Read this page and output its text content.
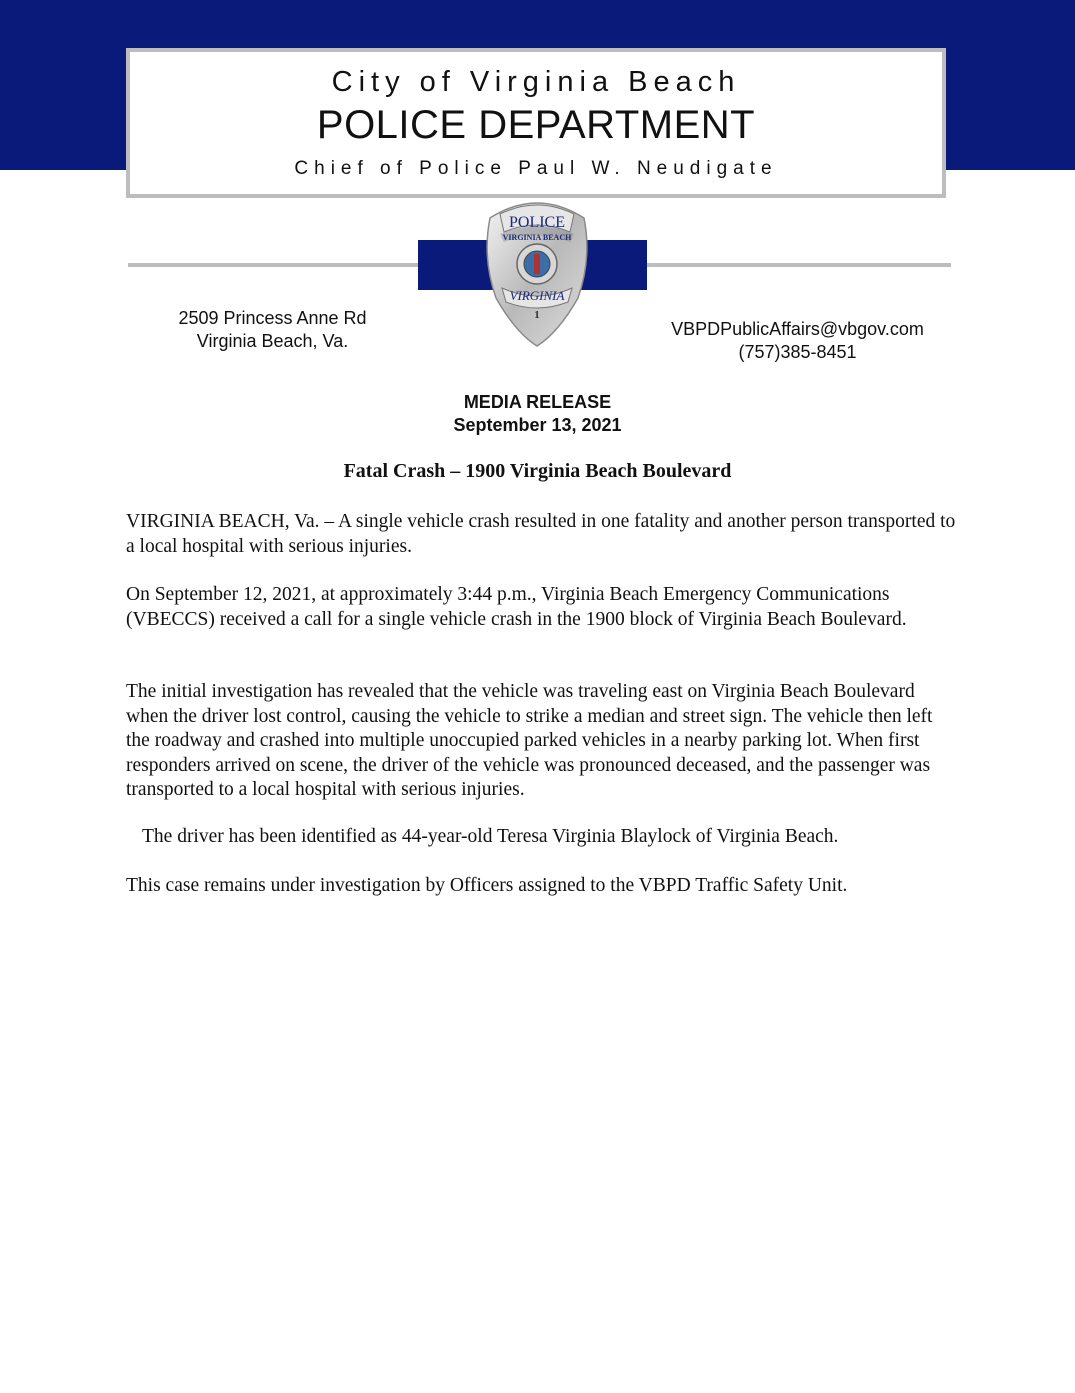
City of Virginia Beach
POLICE DEPARTMENT
Chief of Police Paul W. Neudigate
POLICE
VIRGINIA BEACH
VIRGINIA
1
2509 Princess Anne Rd
Virginia Beach, Va.
VBPDPublicAffairs@vbgov.com
(757)385-8451
MEDIA RELEASE
September 13, 2021
Fatal Crash – 1900 Virginia Beach Boulevard

VIRGINIA BEACH, Va. – A single vehicle crash resulted in one fatality and another person transported to a local hospital with serious injuries.

On September 12, 2021, at approximately 3:44 p.m., Virginia Beach Emergency Communications (VBECCS) received a call for a single vehicle crash in the 1900 block of Virginia Beach Boulevard.

The initial investigation has revealed that the vehicle was traveling east on Virginia Beach Boulevard when the driver lost control, causing the vehicle to strike a median and street sign. The vehicle then left the roadway and crashed into multiple unoccupied parked vehicles in a nearby parking lot. When first responders arrived on scene, the driver of the vehicle was pronounced deceased, and the passenger was transported to a local hospital with serious injuries.

The driver has been identified as 44-year-old Teresa Virginia Blaylock of Virginia Beach.

This case remains under investigation by Officers assigned to the VBPD Traffic Safety Unit.
